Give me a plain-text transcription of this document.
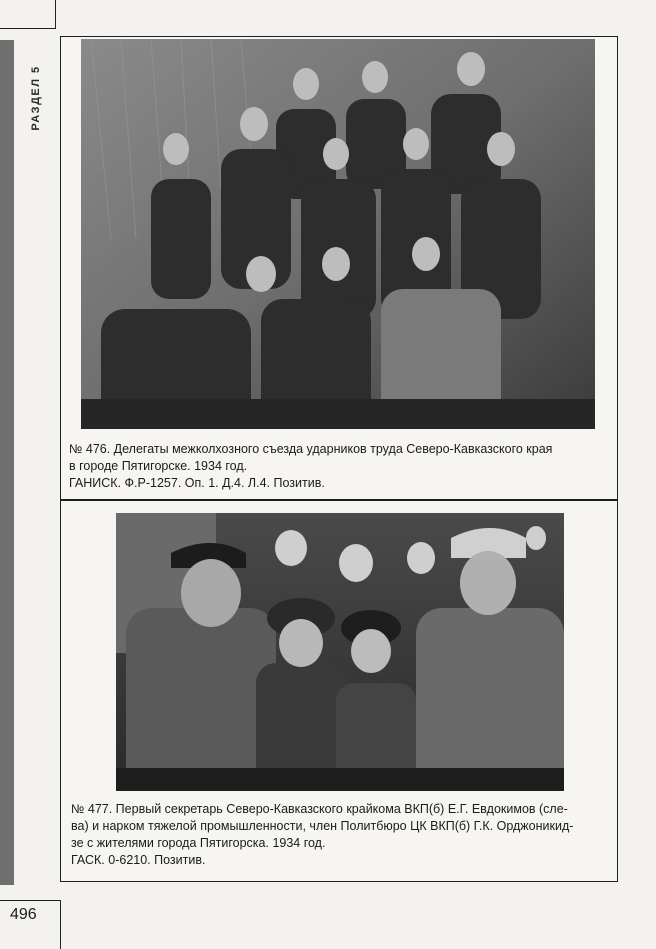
РАЗДЕЛ 5
№ 476. Делегаты межколхозного съезда ударников труда Северо-Кавказского края
в городе Пятигорске. 1934 год.
ГАНИСК. Ф.Р-1257. Оп. 1. Д.4. Л.4. Позитив.
№ 477. Первый секретарь Северо-Кавказского крайкома ВКП(б) Е.Г. Евдокимов (сле-
ва) и нарком тяжелой промышленности, член Политбюро ЦК ВКП(б) Г.К. Орджоникид-
зе с жителями города Пятигорска. 1934 год.
ГАСК. 0-6210. Позитив.
496
